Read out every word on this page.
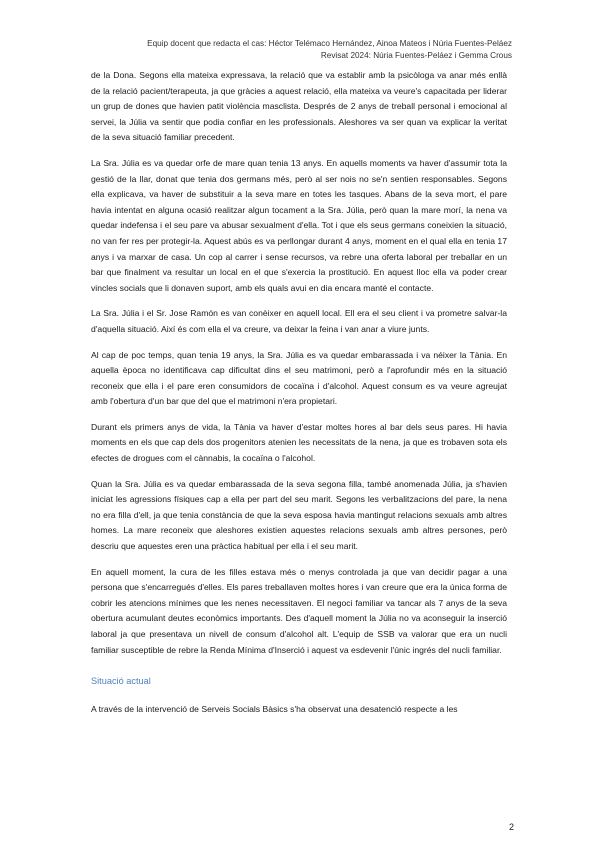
Equip docent que redacta el cas: Héctor Telémaco Hernández, Ainoa Mateos i Núria Fuentes-Peláez
Revisat 2024: Núria Fuentes-Peláez i Gemma Crous

de la Dona. Segons ella mateixa expressava, la relació que va establir amb la psicòloga va anar més enllà de la relació pacient/terapeuta, ja que gràcies a aquest relació, ella mateixa va veure's capacitada per liderar un grup de dones que havien patit violència masclista. Després de 2 anys de treball personal i emocional al servei, la Júlia va sentir que podia confiar en les professionals. Aleshores va ser quan va explicar la veritat de la seva situació familiar precedent.

La Sra. Júlia es va quedar orfe de mare quan tenia 13 anys. En aquells moments va haver d'assumir tota la gestió de la llar, donat que tenia dos germans més, però al ser nois no se'n sentien responsables. Segons ella explicava, va haver de substituir a la seva mare en totes les tasques. Abans de la seva mort, el pare havia intentat en alguna ocasió realitzar algun tocament a la Sra. Júlia, però quan la mare morí, la nena va quedar indefensa i el seu pare va abusar sexualment d'ella. Tot i que els seus germans coneixien la situació, no van fer res per protegir-la. Aquest abús es va perllongar durant 4 anys, moment en el qual ella en tenia 17 anys i va marxar de casa. Un cop al carrer i sense recursos, va rebre una oferta laboral per treballar en un bar que finalment va resultar un local en el que s'exercia la prostitució. En aquest lloc ella va poder crear vincles socials que li donaven suport, amb els quals avui en dia encara manté el contacte.

La Sra. Júlia i el Sr. Jose Ramón es van conèixer en aquell local. Ell era el seu client i va prometre salvar-la d'aquella situació. Així és com ella el va creure, va deixar la feina i van anar a viure junts.

Al cap de poc temps, quan tenia 19 anys, la Sra. Júlia es va quedar embarassada i va néixer la Tània. En aquella època no identificava cap dificultat dins el seu matrimoni, però a l'aprofundir més en la situació reconeix que ella i el pare eren consumidors de cocaïna i d'alcohol. Aquest consum es va veure agreujat amb l'obertura d'un bar que del que el matrimoni n'era propietari.

Durant els primers anys de vida, la Tània va haver d'estar moltes hores al bar dels seus pares. Hi havia moments en els que cap dels dos progenitors atenien les necessitats de la nena, ja que es trobaven sota els efectes de drogues com el cànnabis, la cocaïna o l'alcohol.

Quan la Sra. Júlia es va quedar embarassada de la seva segona filla, també anomenada Júlia, ja s'havien iniciat les agressions físiques cap a ella per part del seu marit. Segons les verbalitzacions del pare, la nena no era filla d'ell, ja que tenia constància de que la seva esposa havia mantingut relacions sexuals amb altres homes. La mare reconeix que aleshores existien aquestes relacions sexuals amb altres persones, però descriu que aquestes eren una pràctica habitual per ella i el seu marit.

En aquell moment, la cura de les filles estava més o menys controlada ja que van decidir pagar a una persona que s'encarregués d'elles. Els pares treballaven moltes hores i van creure que era la única forma de cobrir les atencions mínimes que les nenes necessitaven. El negoci familiar va tancar als 7 anys de la seva obertura acumulant deutes econòmics importants. Des d'aquell moment la Júlia no va aconseguir la inserció laboral ja que presentava un nivell de consum d'alcohol alt. L'equip de SSB va valorar que era un nucli familiar susceptible de rebre la Renda Mínima d'Inserció i aquest va esdevenir l'únic ingrés del nucli familiar.

Situació actual

A través de la intervenció de Serveis Socials Bàsics s'ha observat una desatenció respecte a les

2
